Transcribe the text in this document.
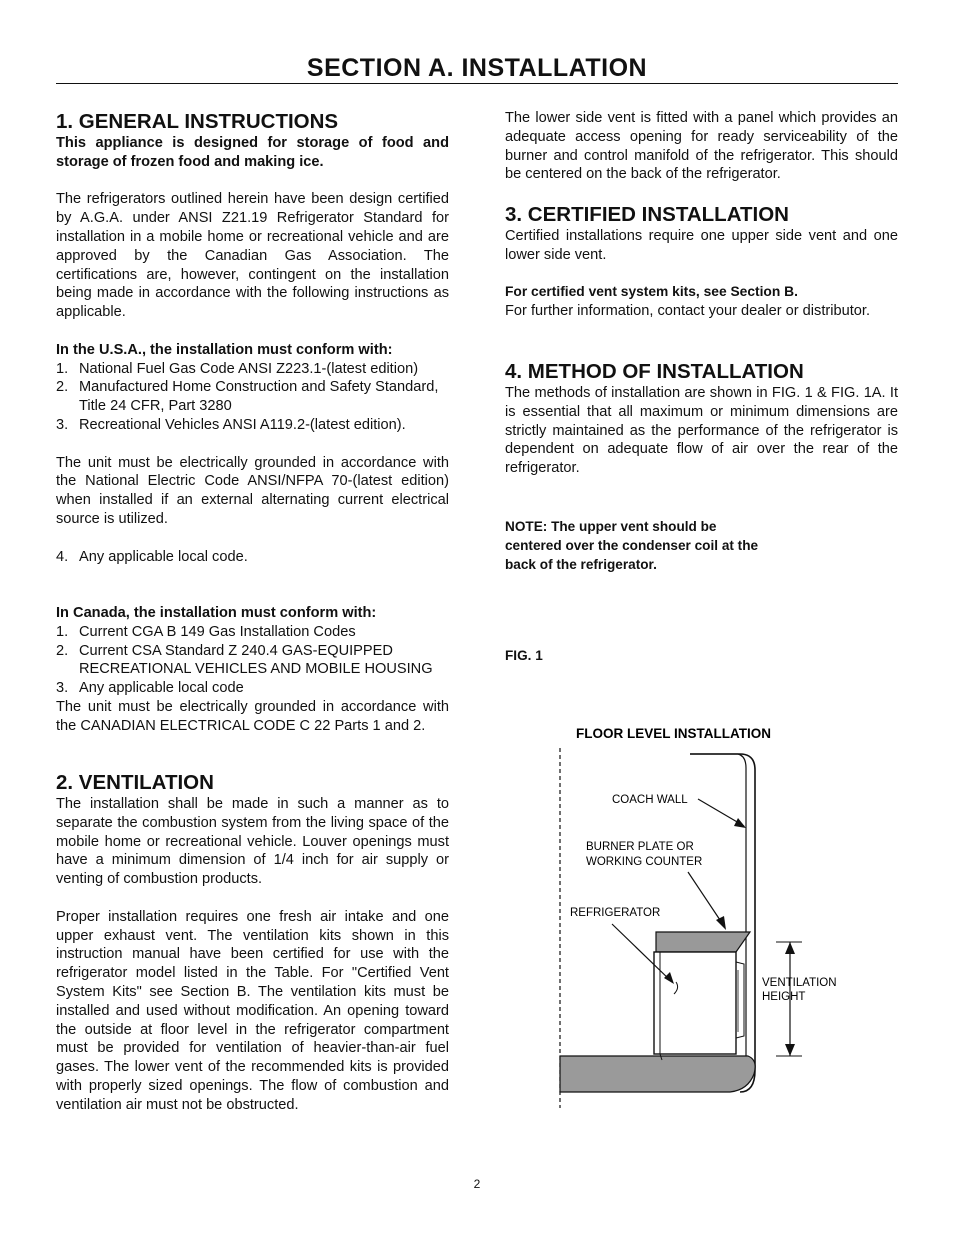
SECTION A. INSTALLATION
1. GENERAL INSTRUCTIONS

This appliance is designed for storage of food and storage of frozen food and making ice.

The refrigerators outlined herein have been design certified by A.G.A. under ANSI Z21.19 Refrigerator Standard for installation in a mobile home or recreational vehicle and are approved by the Canadian Gas Association. The certifications are, however, contingent on the installation being made in accordance with the following instructions as applicable.

In the U.S.A., the installation must conform with:

1. National Fuel Gas Code ANSI Z223.1-(latest edition)
2. Manufactured Home Construction and Safety Standard, Title 24 CFR, Part 3280
3. Recreational Vehicles ANSI A119.2-(latest edition).

The unit must be electrically grounded in accordance with the National Electric Code ANSI/NFPA 70-(latest edition) when installed if an external alternating current electrical source is utilized.

4. Any applicable local code.

In Canada, the installation must conform with:

1. Current CGA B 149 Gas Installation Codes
2. Current CSA Standard Z 240.4 GAS-EQUIPPED RECREATIONAL VEHICLES AND MOBILE HOUSING
3. Any applicable local code

The unit must be electrically grounded in accordance with the CANADIAN ELECTRICAL CODE C 22 Parts 1 and 2.

2. VENTILATION

The installation shall be made in such a manner as to separate the combustion system from the living space of the mobile home or recreational vehicle. Louver openings must have a minimum dimension of 1/4 inch for air supply or venting of combustion products.

Proper installation requires one fresh air intake and one upper exhaust vent. The ventilation kits shown in this instruction manual have been certified for use with the refrigerator model listed in the Table. For "Certified Vent System Kits" see Section B. The ventilation kits must be installed and used without modification. An opening toward the outside at floor level in the refrigerator compartment must be provided for ventilation of heavier-than-air fuel gases. The lower vent of the recommended kits is provided with properly sized openings. The flow of combustion and ventilation air must not be obstructed.

The lower side vent is fitted with a panel which provides an adequate access opening for ready serviceability of the burner and control manifold of the refrigerator. This should be centered on the back of the refrigerator.

3. CERTIFIED INSTALLATION

Certified installations require one upper side vent and one lower side vent.

For certified vent system kits, see Section B.

For further information, contact your dealer or distributor.

4. METHOD OF INSTALLATION

The methods of installation are shown in FIG. 1 & FIG. 1A. It is essential that all maximum or minimum dimensions are strictly maintained as the performance of the refrigerator is dependent on adequate flow of air over the rear of the refrigerator.

NOTE: The upper vent should be centered over the condenser coil at the back of the refrigerator.
FIG. 1
FLOOR LEVEL INSTALLATION
COACH WALL
BURNER PLATE OR
WORKING COUNTER
REFRIGERATOR
VENTILATION
HEIGHT
2
